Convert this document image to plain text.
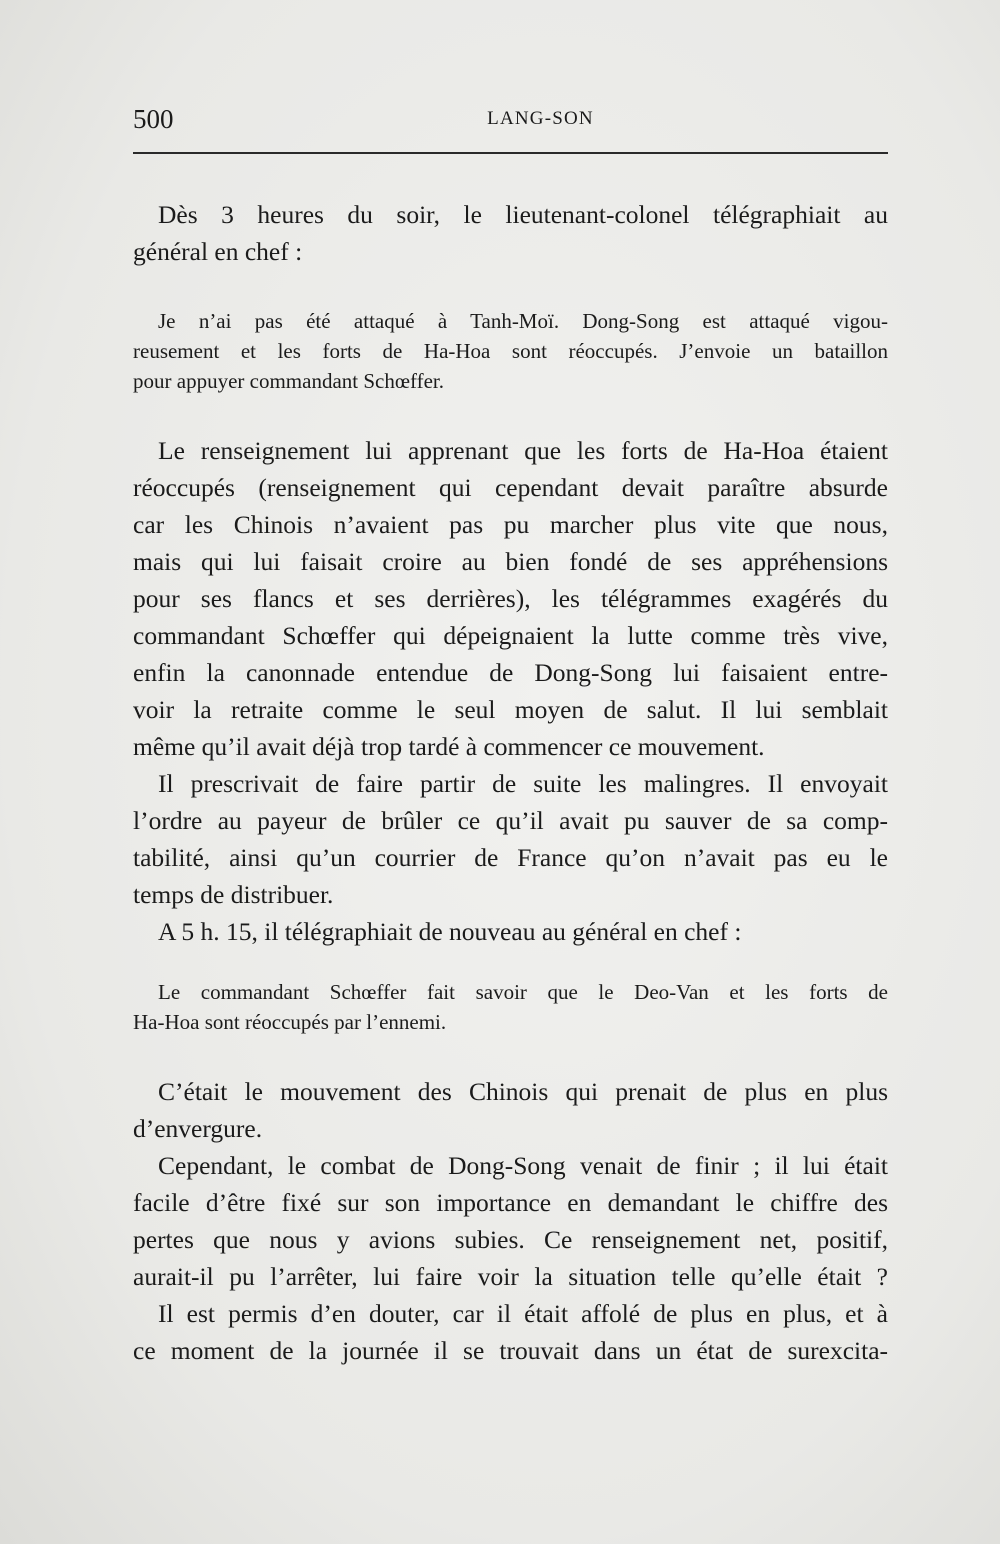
500	LANG-SON
Dès 3 heures du soir, le lieutenant-colonel télégraphiait au
général en chef :
Je n’ai pas été attaqué à Tanh-Moï. Dong-Song est attaqué vigou-
reusement et les forts de Ha-Hoa sont réoccupés. J’envoie un bataillon
pour appuyer commandant Schœffer.
Le renseignement lui apprenant que les forts de Ha-Hoa étaient
réoccupés (renseignement qui cependant devait paraître absurde
car les Chinois n’avaient pas pu marcher plus vite que nous,
mais qui lui faisait croire au bien fondé de ses appréhensions
pour ses flancs et ses derrières), les télégrammes exagérés du
commandant Schœffer qui dépeignaient la lutte comme très vive,
enfin la canonnade entendue de Dong-Song lui faisaient entre-
voir la retraite comme le seul moyen de salut. Il lui semblait
même qu’il avait déjà trop tardé à commencer ce mouvement.
Il prescrivait de faire partir de suite les malingres. Il envoyait
l’ordre au payeur de brûler ce qu’il avait pu sauver de sa comp-
tabilité, ainsi qu’un courrier de France qu’on n’avait pas eu le
temps de distribuer.
A 5 h. 15, il télégraphiait de nouveau au général en chef :
Le commandant Schœffer fait savoir que le Deo-Van et les forts de
Ha-Hoa sont réoccupés par l’ennemi.
C’était le mouvement des Chinois qui prenait de plus en plus
d’envergure.
Cependant, le combat de Dong-Song venait de finir ; il lui était
facile d’être fixé sur son importance en demandant le chiffre des
pertes que nous y avions subies. Ce renseignement net, positif,
aurait-il pu l’arrêter, lui faire voir la situation telle qu’elle était ?
Il est permis d’en douter, car il était affolé de plus en plus, et à
ce moment de la journée il se trouvait dans un état de surexcita-
